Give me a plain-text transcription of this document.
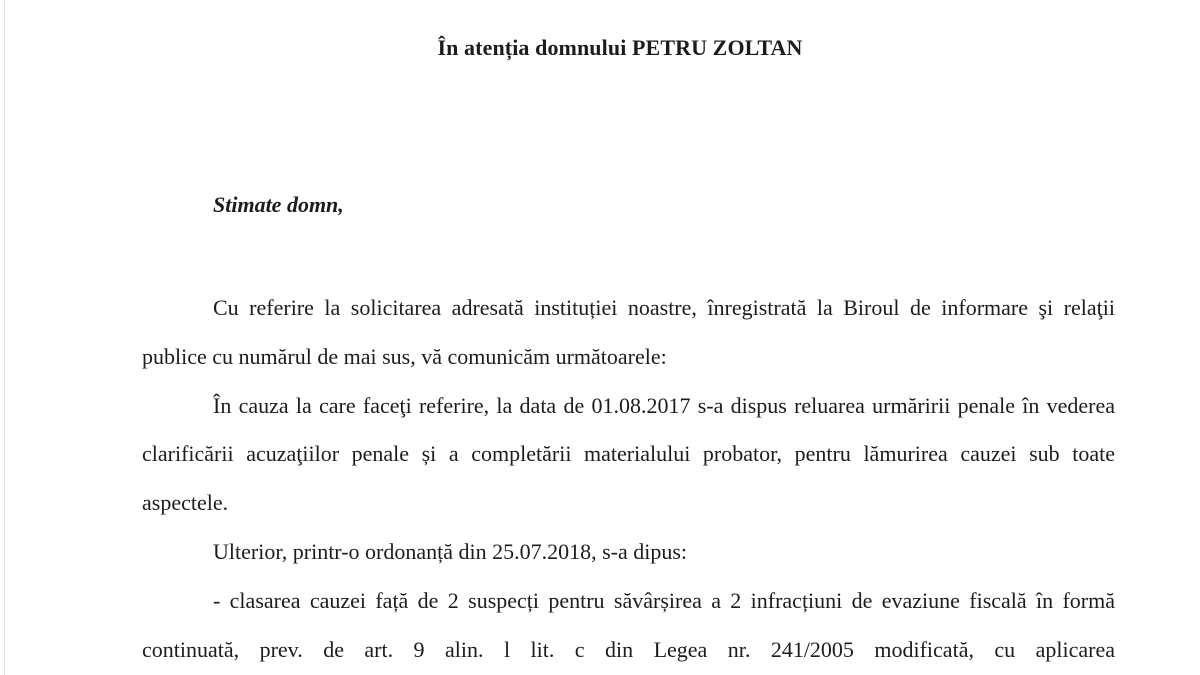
În atenția domnului PETRU ZOLTAN
Stimate domn,

Cu referire la solicitarea adresată instituției noastre, înregistrată la Biroul de informare şi relaţii publice cu numărul de mai sus, vă comunicăm următoarele:

În cauza la care faceţi referire, la data de 01.08.2017 s-a dispus reluarea urmăririi penale în vederea clarificării acuzaţiilor penale și a completării materialului probator, pentru lămurirea cauzei sub toate aspectele.

Ulterior, printr-o ordonanță din 25.07.2018, s-a dipus:

- clasarea cauzei față de 2 suspecți pentru săvârșirea a 2 infracțiuni de evaziune fiscală în formă continuată, prev. de art. 9 alin. l lit. c din Legea nr. 241/2005 modificată, cu aplicarea
